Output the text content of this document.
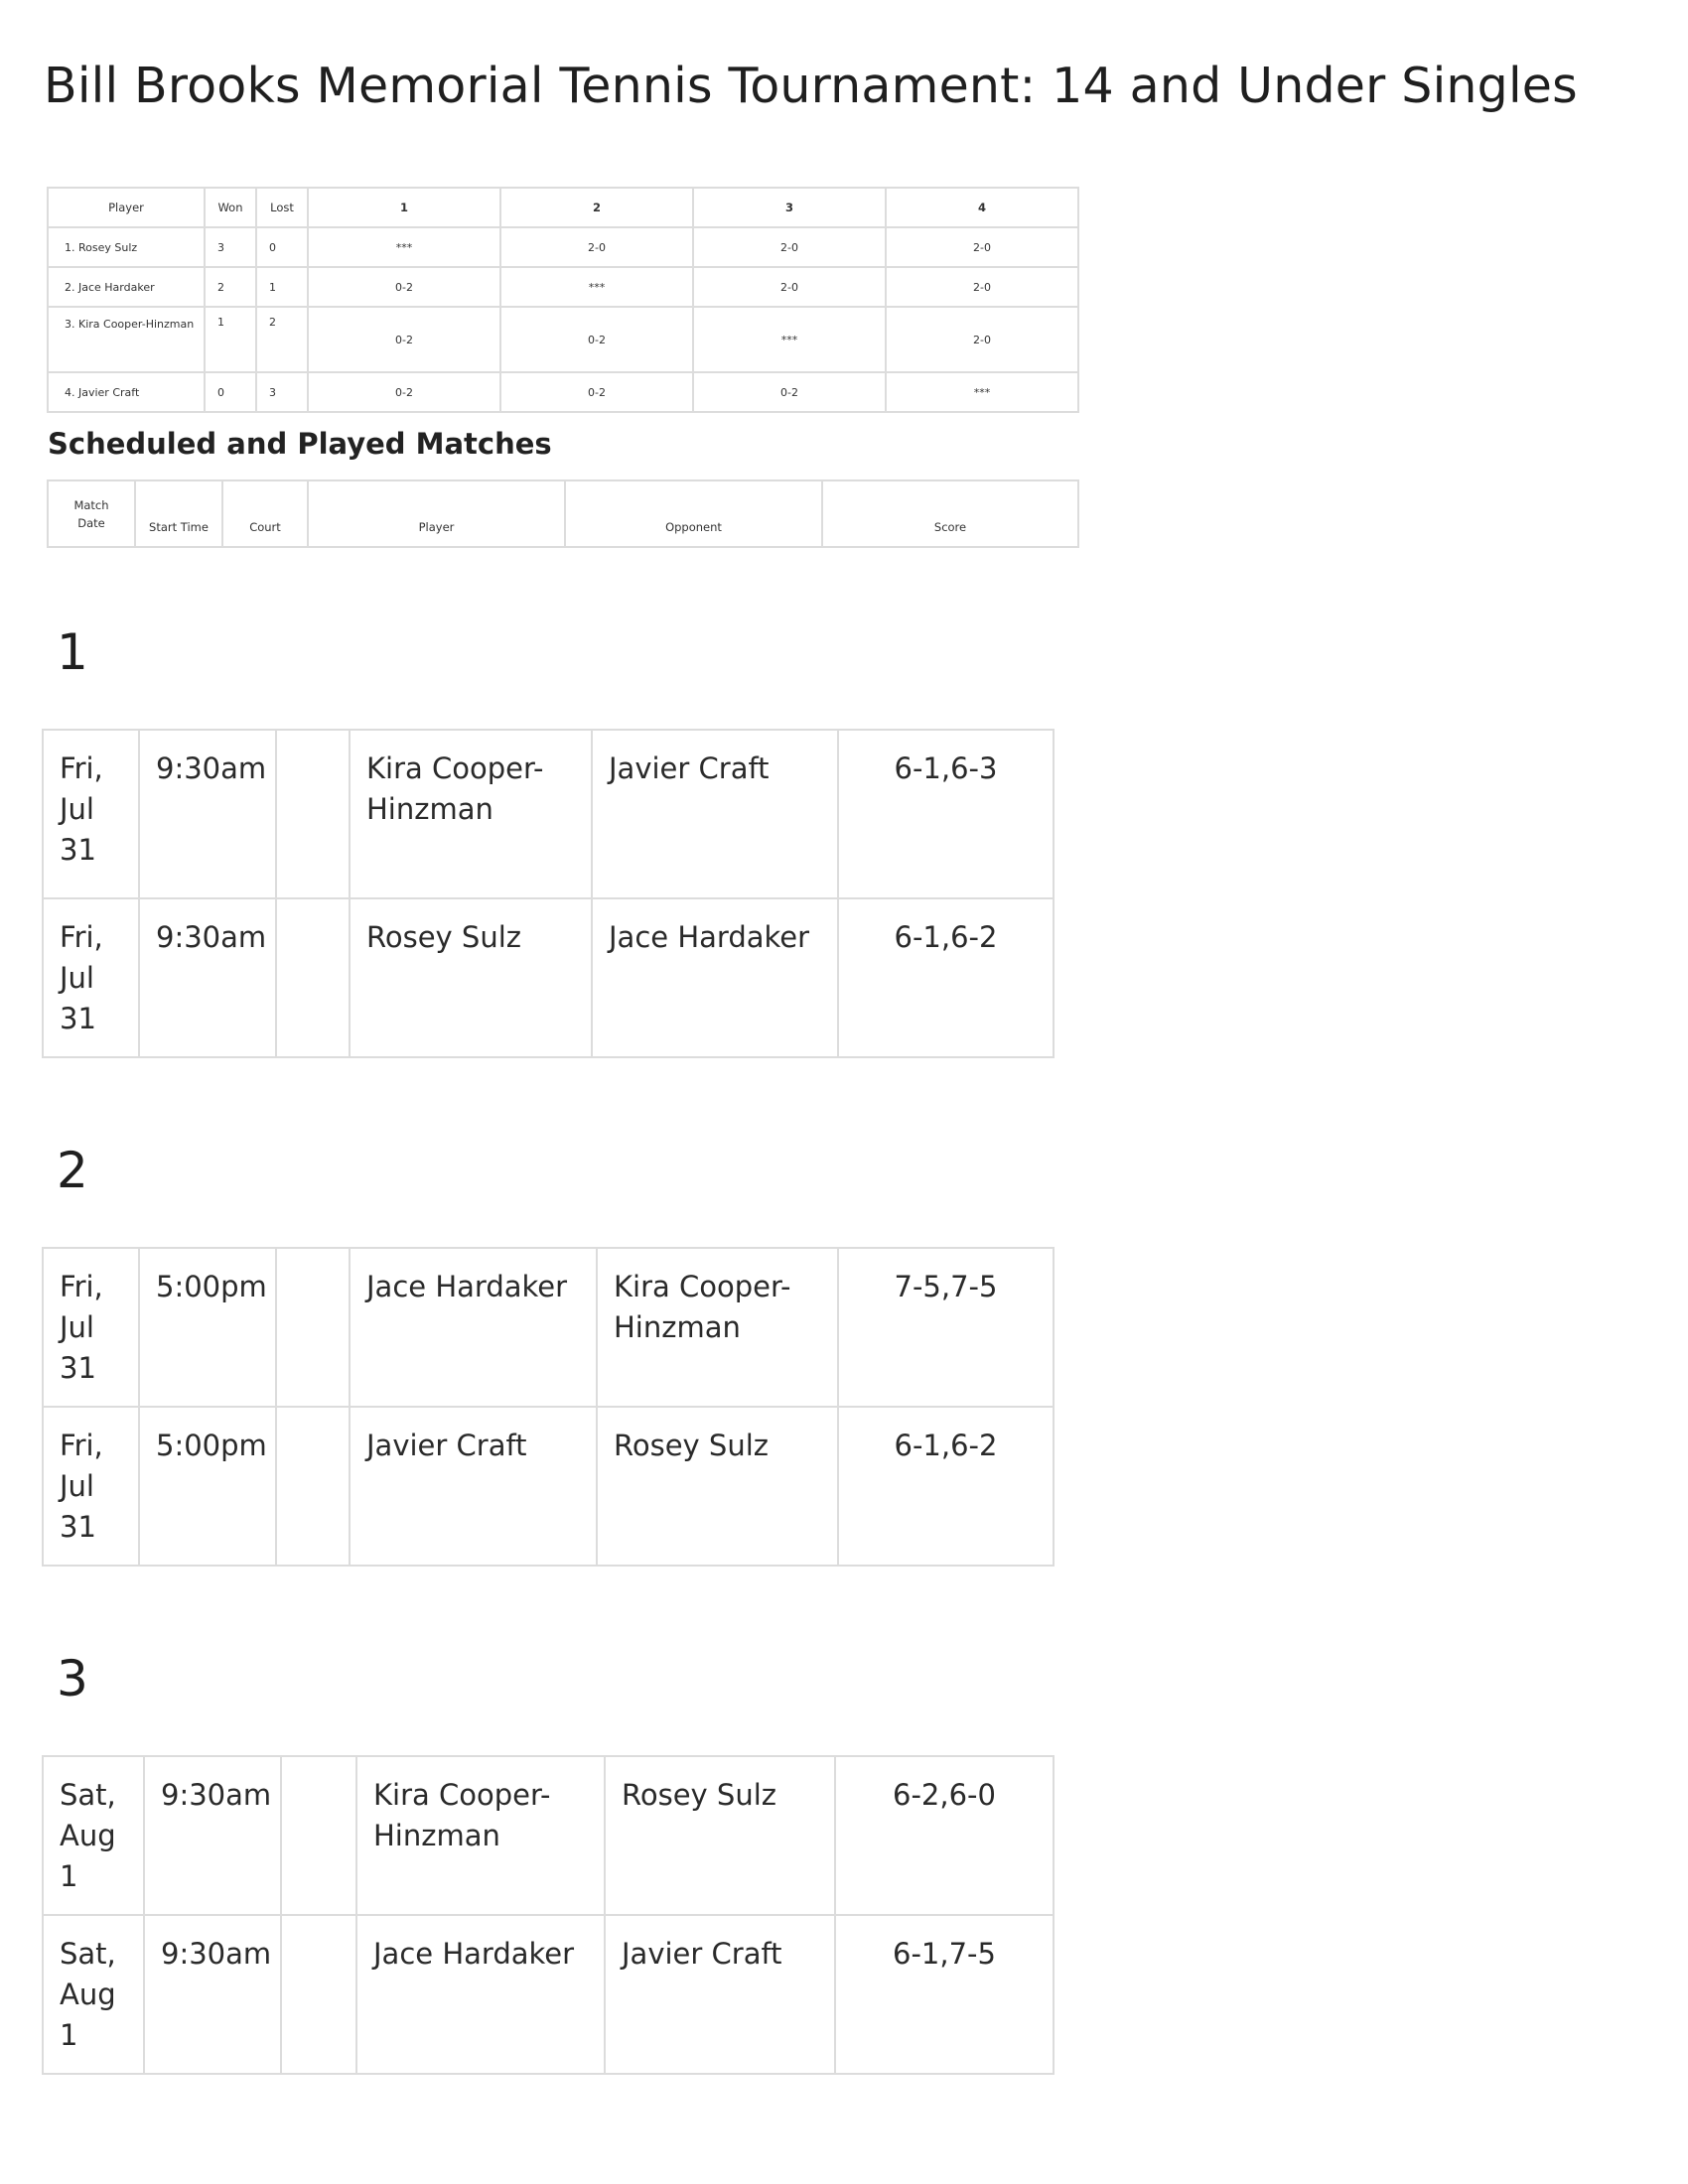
Bill Brooks Memorial Tennis Tournament: 14 and Under Singles
Player	Won	Lost	1	2	3	4
1. Rosey Sulz	3	0	***	2-0	2-0	2-0
2. Jace Hardaker	2	1	0-2	***	2-0	2-0
3. Kira Cooper-Hinzman	1	2	0-2	0-2	***	2-0
4. Javier Craft	0	3	0-2	0-2	0-2	***
Scheduled and Played Matches
Match Date	Start Time	Court	Player	Opponent	Score
1
Fri, Jul 31	9:30am		Kira Cooper-Hinzman	Javier Craft	6-1,6-3
Fri, Jul 31	9:30am		Rosey Sulz	Jace Hardaker	6-1,6-2
2
Fri, Jul 31	5:00pm		Jace Hardaker	Kira Cooper-Hinzman	7-5,7-5
Fri, Jul 31	5:00pm		Javier Craft	Rosey Sulz	6-1,6-2
3
Sat, Aug 1	9:30am		Kira Cooper-Hinzman	Rosey Sulz	6-2,6-0
Sat, Aug 1	9:30am		Jace Hardaker	Javier Craft	6-1,7-5
